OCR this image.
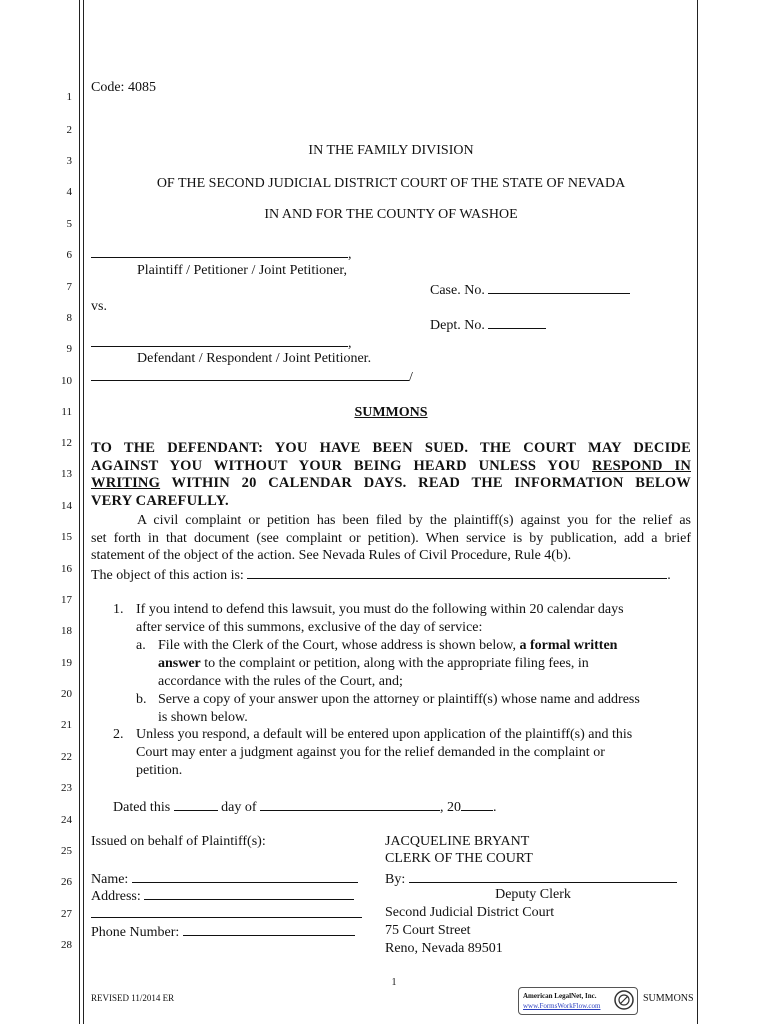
1
2
3
4
5
6
7
8
9
10
11
12
13
14
15
16
17
18
19
20
21
22
23
24
25
26
27
28
Code: 4085
IN THE FAMILY DIVISION
OF THE SECOND JUDICIAL DISTRICT COURT OF THE STATE OF NEVADA
IN AND FOR THE COUNTY OF WASHOE
,
Plaintiff / Petitioner / Joint Petitioner,
Case. No.
vs.
Dept. No.
,
Defendant / Respondent / Joint Petitioner.
/
SUMMONS
TO THE DEFENDANT: YOU HAVE BEEN SUED. THE COURT MAY DECIDE
AGAINST YOU WITHOUT YOUR BEING HEARD UNLESS YOU RESPOND IN
WRITING WITHIN 20 CALENDAR DAYS. READ THE INFORMATION BELOW
VERY CAREFULLY.
A civil complaint or petition has been filed by the plaintiff(s) against you for the relief as
set forth in that document (see complaint or petition). When service is by publication, add a brief
statement of the object of the action. See Nevada Rules of Civil Procedure, Rule 4(b).
The object of this action is:	.
1. If you intend to defend this lawsuit, you must do the following within 20 calendar days
after service of this summons, exclusive of the day of service:
a. File with the Clerk of the Court, whose address is shown below, a formal written
answer to the complaint or petition, along with the appropriate filing fees, in
accordance with the rules of the Court, and;
b. Serve a copy of your answer upon the attorney or plaintiff(s) whose name and address
is shown below.
2. Unless you respond, a default will be entered upon application of the plaintiff(s) and this
Court may enter a judgment against you for the relief demanded in the complaint or
petition.
Dated this	day of	, 20 .
Issued on behalf of Plaintiff(s):
Name:
Address:
Phone Number:
JACQUELINE BRYANT
CLERK OF THE COURT
By:
Deputy Clerk
Second Judicial District Court
75 Court Street
Reno, Nevada 89501
1
REVISED 11/2014 ER	American LegalNet, Inc.
www.FormsWorkFlow.com
SUMMONS
